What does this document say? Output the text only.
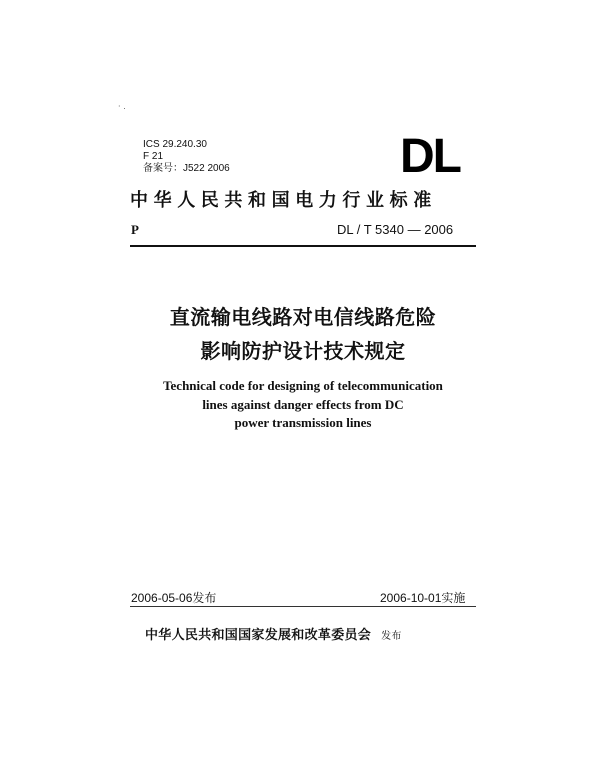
· .
ICS 29.240.30
F 21
备案号：J522 2006	DL
中华人民共和国电力行业标准
P	DL / T 5340 — 2006
直流输电线路对电信线路危险
影响防护设计技术规定
Technical code for designing of telecommunication
lines against danger effects from DC
power transmission lines
2006-05-06发布	2006-10-01实施
中华人民共和国国家发展和改革委员会 发布
